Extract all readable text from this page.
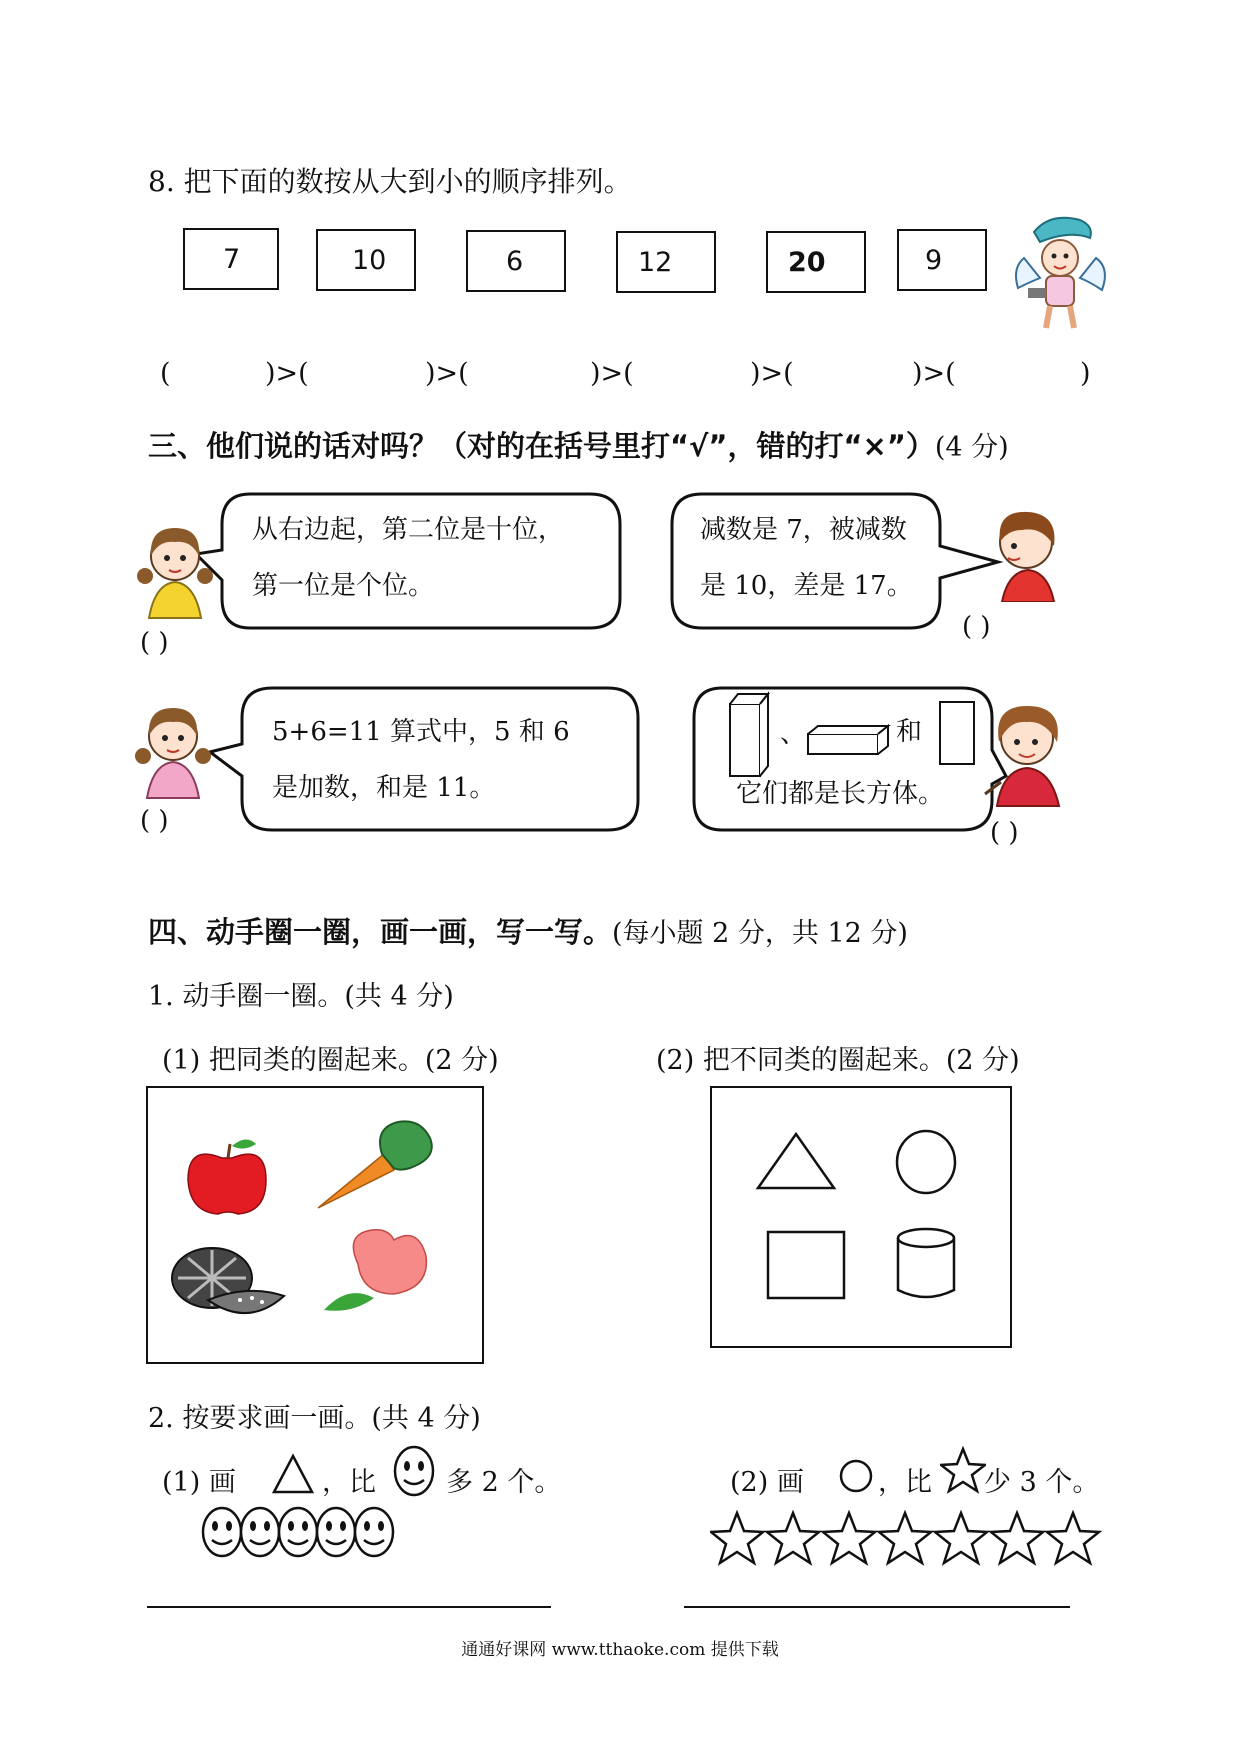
8. 把下面的数按从大到小的顺序排列。
7	10	6	12	20	9
(	)>(	)>(	)>(	)>(	)>(	)
三、他们说的话对吗？（对的在括号里打“√”，错的打“×”）(4 分)
( )
( )
( )	( )
从右边起，第二位是十位，
第一位是个位。
减数是 7，被减数
是 10，差是 17。
5+6=11 算式中，5 和 6
是加数，和是 11。
、	和
它们都是长方体。
四、动手圈一圈，画一画，写一写。(每小题 2 分，共 12 分)
1. 动手圈一圈。(共 4 分)
(1) 把同类的圈起来。(2 分)	(2) 把不同类的圈起来。(2 分)
2. 按要求画一画。(共 4 分)
(1) 画	，比	多 2 个。	(2) 画	，比 少 3 个。
通通好课网 www.tthaoke.com 提供下载
